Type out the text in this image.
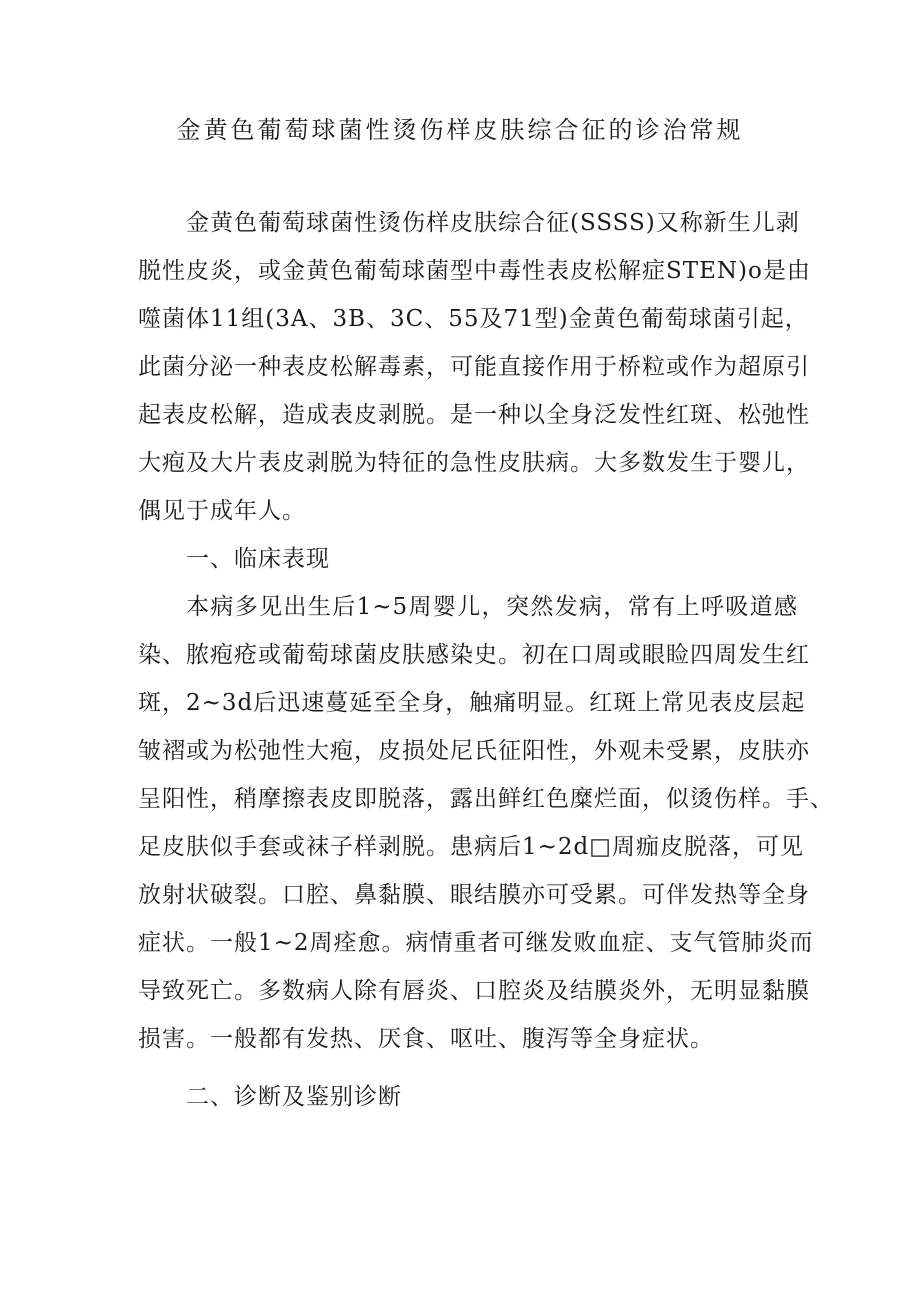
金黄色葡萄球菌性烫伤样皮肤综合征的诊治常规

金黄色葡萄球菌性烫伤样皮肤综合征(SSSS)又称新生儿剥

脱性皮炎，或金黄色葡萄球菌型中毒性表皮松解症STEN)o是由

噬菌体11组(3A、3B、3C、55及71型)金黄色葡萄球菌引起，

此菌分泌一种表皮松解毒素，可能直接作用于桥粒或作为超原引

起表皮松解，造成表皮剥脱。是一种以全身泛发性红斑、松弛性

大疱及大片表皮剥脱为特征的急性皮肤病。大多数发生于婴儿，

偶见于成年人。

一、临床表现

本病多见出生后1~5周婴儿，突然发病，常有上呼吸道感

染、脓疱疮或葡萄球菌皮肤感染史。初在口周或眼睑四周发生红

斑，2~3d后迅速蔓延至全身，触痛明显。红斑上常见表皮层起

皱褶或为松弛性大疱，皮损处尼氏征阳性，外观未受累，皮肤亦

呈阳性，稍摩擦表皮即脱落，露出鲜红色糜烂面，似烫伤样。手、

足皮肤似手套或袜子样剥脱。患病后1~2d□周痂皮脱落，可见

放射状破裂。口腔、鼻黏膜、眼结膜亦可受累。可伴发热等全身

症状。一般1~2周痊愈。病情重者可继发败血症、支气管肺炎而

导致死亡。多数病人除有唇炎、口腔炎及结膜炎外，无明显黏膜

损害。一般都有发热、厌食、呕吐、腹泻等全身症状。

二、诊断及鉴别诊断
